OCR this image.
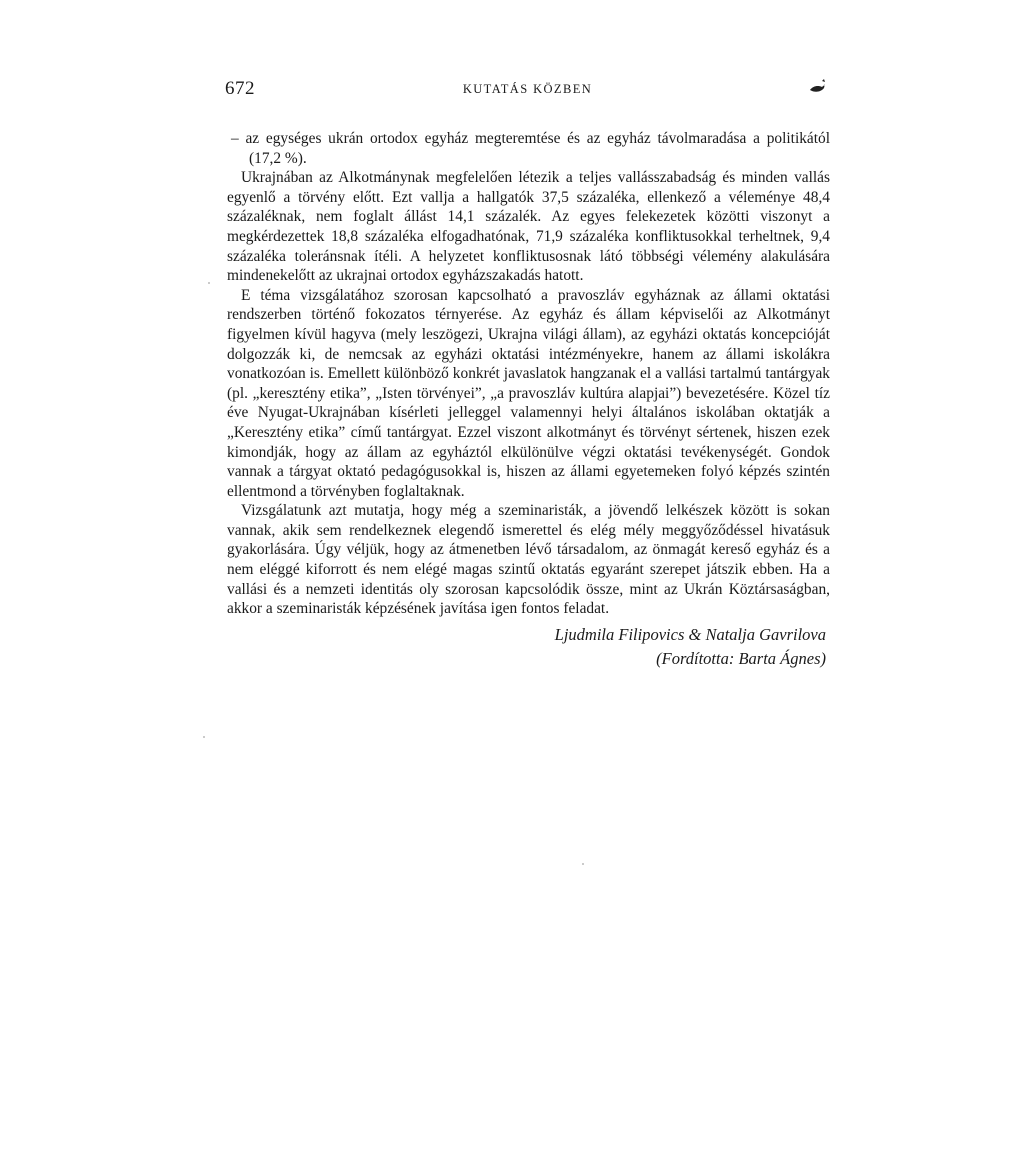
672	KUTATÁS KÖZBEN

– az egységes ukrán ortodox egyház megteremtése és az egyház távolmaradása a politikától (17,2 %).

Ukrajnában az Alkotmánynak megfelelően létezik a teljes vallásszabadság és minden vallás egyenlő a törvény előtt. Ezt vallja a hallgatók 37,5 százaléka, ellenkező a véleménye 48,4 százaléknak, nem foglalt állást 14,1 százalék. Az egyes felekezetek közötti viszonyt a megkérdezettek 18,8 százaléka elfogadhatónak, 71,9 százaléka konfliktusokkal terheltnek, 9,4 százaléka toleránsnak ítéli. A helyzetet konfliktusosnak látó többségi vélemény alakulására mindenekelőtt az ukrajnai ortodox egyházszakadás hatott.

E téma vizsgálatához szorosan kapcsolható a pravoszláv egyháznak az állami oktatási rendszerben történő fokozatos térnyerése. Az egyház és állam képviselői az Alkotmányt figyelmen kívül hagyva (mely leszögezi, Ukrajna világi állam), az egyházi oktatás koncepcióját dolgozzák ki, de nemcsak az egyházi oktatási intézményekre, hanem az állami iskolákra vonatkozóan is. Emellett különböző konkrét javaslatok hangzanak el a vallási tartalmú tantárgyak (pl. „keresztény etika”, „Isten törvényei”, „a pravoszláv kultúra alapjai”) bevezetésére. Közel tíz éve Nyugat-Ukrajnában kísérleti jelleggel valamennyi helyi általános iskolában oktatják a „Keresztény etika” című tantárgyat. Ezzel viszont alkotmányt és törvényt sértenek, hiszen ezek kimondják, hogy az állam az egyháztól elkülönülve végzi oktatási tevékenységét. Gondok vannak a tárgyat oktató pedagógusokkal is, hiszen az állami egyetemeken folyó képzés szintén ellentmond a törvényben foglaltaknak.

Vizsgálatunk azt mutatja, hogy még a szeminaristák, a jövendő lelkészek között is sokan vannak, akik sem rendelkeznek elegendő ismerettel és elég mély meggyőződéssel hivatásuk gyakorlására. Úgy véljük, hogy az átmenetben lévő társadalom, az önmagát kereső egyház és a nem eléggé kiforrott és nem elégé magas szintű oktatás egyaránt szerepet játszik ebben. Ha a vallási és a nemzeti identitás oly szorosan kapcsolódik össze, mint az Ukrán Köztársaságban, akkor a szeminaristák képzésének javítása igen fontos feladat.

Ljudmila Filipovics & Natalja Gavrilova
(Fordította: Barta Ágnes)
